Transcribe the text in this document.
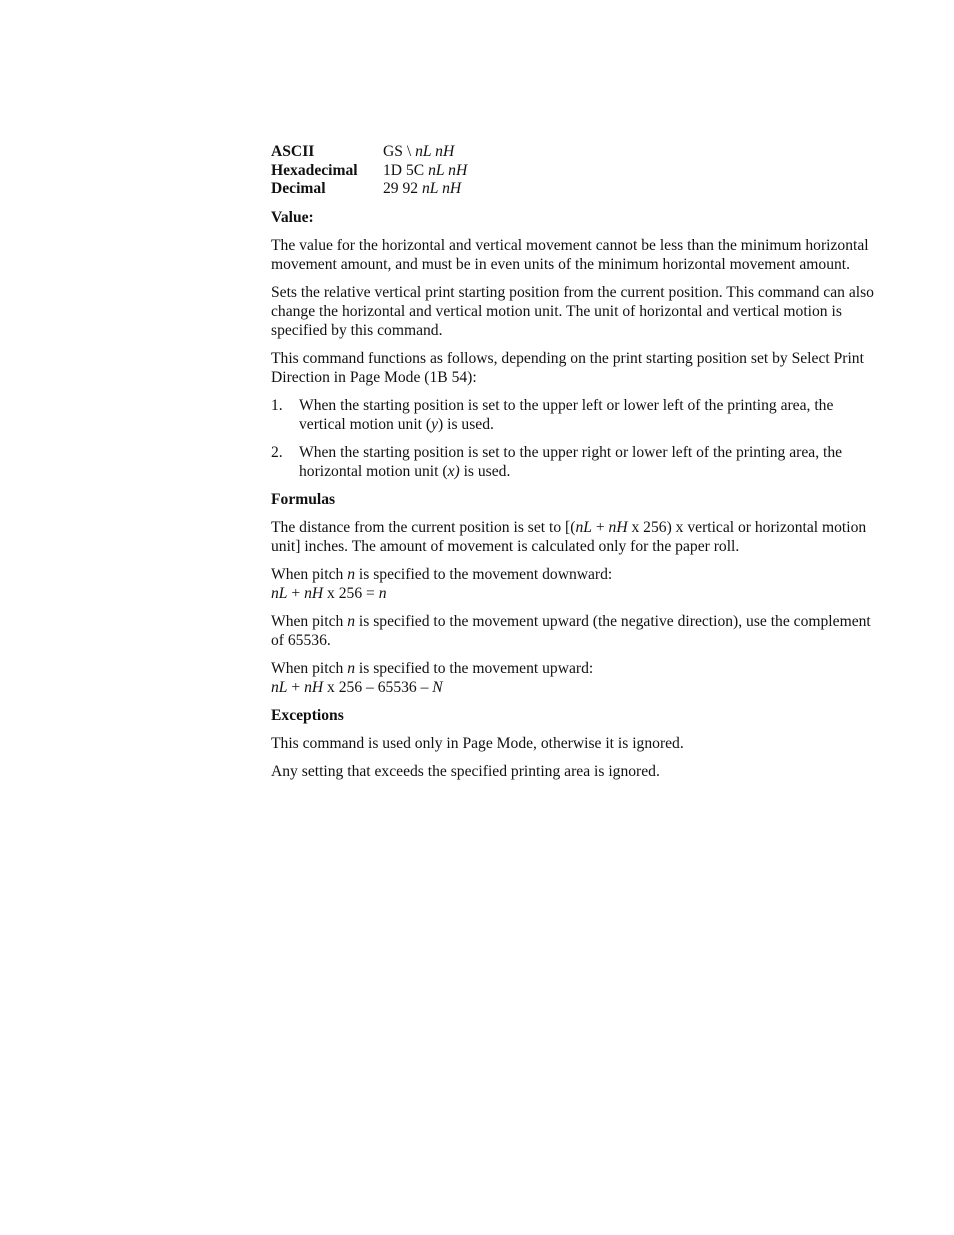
ASCII	GS \ nL nH
Hexadecimal	1D 5C nL nH
Decimal	29 92 nL nH
Value:

The value for the horizontal and vertical movement cannot be less than the minimum horizontal movement amount, and must be in even units of the minimum horizontal movement amount.

Sets the relative vertical print starting position from the current position. This command can also change the horizontal and vertical motion unit. The unit of horizontal and vertical motion is specified by this command.

This command functions as follows, depending on the print starting position set by Select Print Direction in Page Mode (1B 54):

1. When the starting position is set to the upper left or lower left of the printing area, the vertical motion unit (y) is used.
2. When the starting position is set to the upper right or lower left of the printing area, the horizontal motion unit (x) is used.
Formulas

The distance from the current position is set to [(nL + nH x 256) x vertical or horizontal motion unit] inches. The amount of movement is calculated only for the paper roll.

When pitch n is specified to the movement downward:
nL + nH x 256 = n

When pitch n is specified to the movement upward (the negative direction), use the complement of 65536.

When pitch n is specified to the movement upward:
nL + nH x 256 – 65536 – N

Exceptions

This command is used only in Page Mode, otherwise it is ignored.

Any setting that exceeds the specified printing area is ignored.
